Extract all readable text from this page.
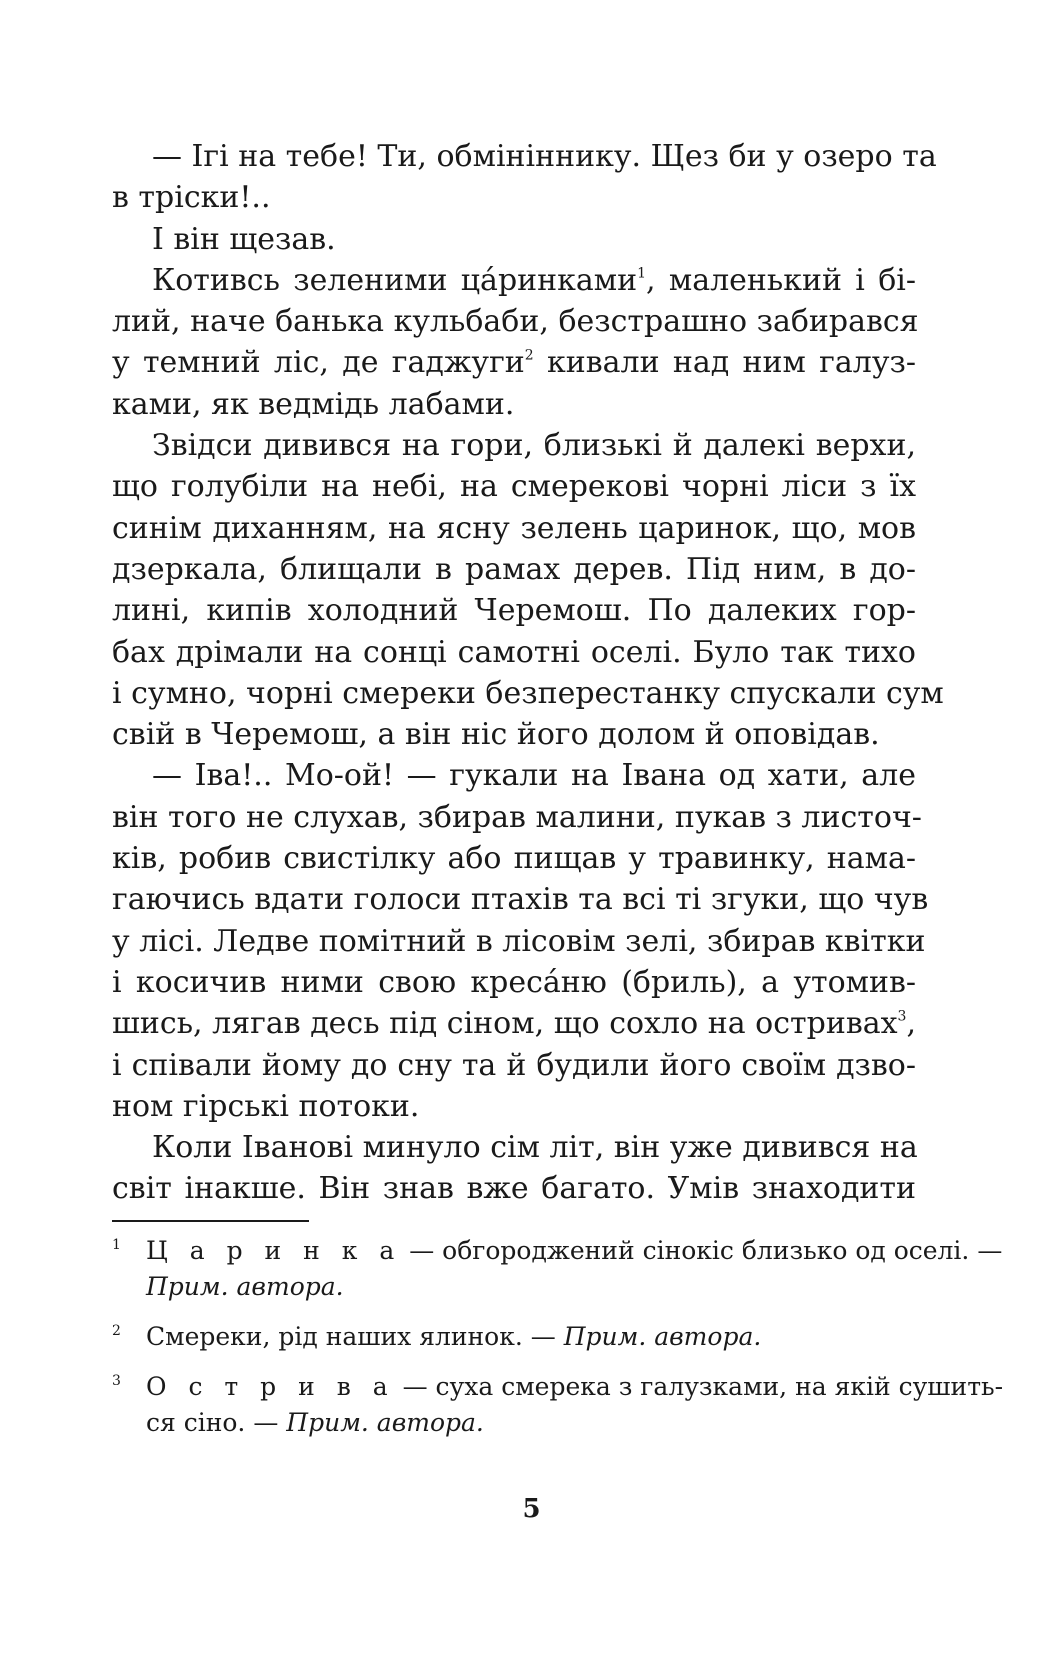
— Ігі на тебе! Ти, обмініннику. Щез би у озеро та
в тріски!..
І він щезав.
Котивсь зеленими ца́ринками$^1$, маленький і бі-
лий, наче банька кульбаби, безстрашно забирався
у темний ліс, де гаджуги$^2$ кивали над ним галуз-
ками, як ведмідь лабами.
Звідси дивився на гори, близькі й далекі верхи,
що голубіли на небі, на смерекові чорні ліси з їх
синім диханням, на ясну зелень царинок, що, мов
дзеркала, блищали в рамах дерев. Під ним, в до-
лині, кипів холодний Черемош. По далеких гор-
бах дрімали на сонці самотні оселі. Було так тихо
і сумно, чорні смереки безперестанку спускали сум
свій в Черемош, а він ніс його долом й оповідав.
— Іва!.. Мо-ой! — гукали на Івана од хати, але
він того не слухав, збирав малини, пукав з листоч-
ків, робив свистілку або пищав у травинку, нама-
гаючись вдати голоси птахів та всі ті згуки, що чув
у лісі. Ледве помітний в лісовім зелі, збирав квітки
і косичив ними свою креса́ню (бриль), а утомив-
шись, лягав десь під сіном, що сохло на остривах$^3$,
і співали йому до сну та й будили його своїм дзво-
ном гірські потоки.
Коли Іванові минуло сім літ, він уже дивився на
світ інакше. Він знав вже багато. Умів знаходити
1 Ц а р и н к а — обгороджений сінокіс близько од оселі. —
Прим. автора.
2 Смереки, рід наших ялинок. — Прим. автора.
3 О с т р и в а — суха смерека з галузками, на якій сушить-
ся сіно. — Прим. автора.
5
